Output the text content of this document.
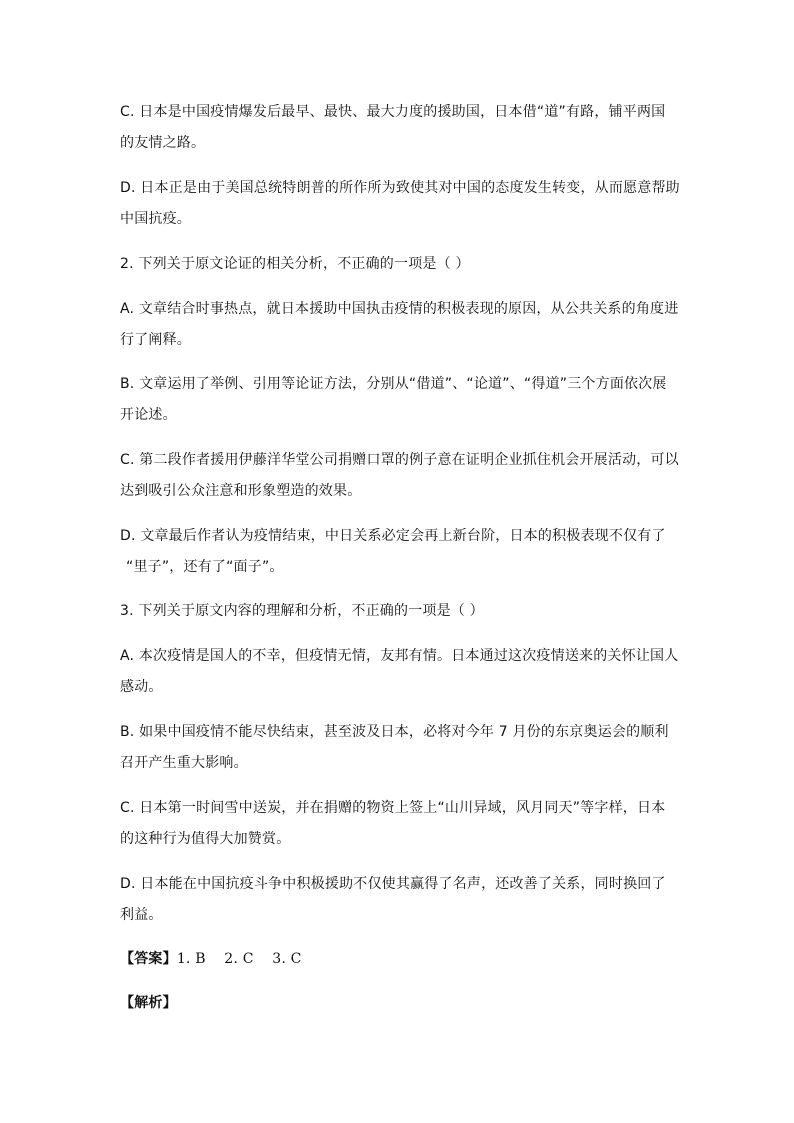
C. 日本是中国疫情爆发后最早、最快、最大力度的援助国，日本借“道”有路，铺平两国
的友情之路。
D. 日本正是由于美国总统特朗普的所作所为致使其对中国的态度发生转变，从而愿意帮助
中国抗疫。
2. 下列关于原文论证的相关分析，不正确的一项是（ ）
A. 文章结合时事热点，就日本援助中国执击疫情的积极表现的原因，从公共关系的角度进
行了阐释。
B. 文章运用了举例、引用等论证方法，分别从“借道”、“论道”、“得道”三个方面依次展
开论述。
C. 第二段作者援用伊藤洋华堂公司捐赠口罩的例子意在证明企业抓住机会开展活动，可以
达到吸引公众注意和形象塑造的效果。
D. 文章最后作者认为疫情结束，中日关系必定会再上新台阶，日本的积极表现不仅有了
“里子”，还有了“面子”。
3. 下列关于原文内容的理解和分析，不正确的一项是（ ）
A. 本次疫情是国人的不幸，但疫情无情，友邦有情。日本通过这次疫情送来的关怀让国人
感动。
B. 如果中国疫情不能尽快结束，甚至波及日本，必将对今年 7 月份的东京奥运会的顺利
召开产生重大影响。
C. 日本第一时间雪中送炭，并在捐赠的物资上签上“山川异域，风月同天”等字样，日本
的这种行为值得大加赞赏。
D. 日本能在中国抗疫斗争中积极援助不仅使其赢得了名声，还改善了关系，同时换回了
利益。
【答案】1. B    2. C    3. C
【解析】
